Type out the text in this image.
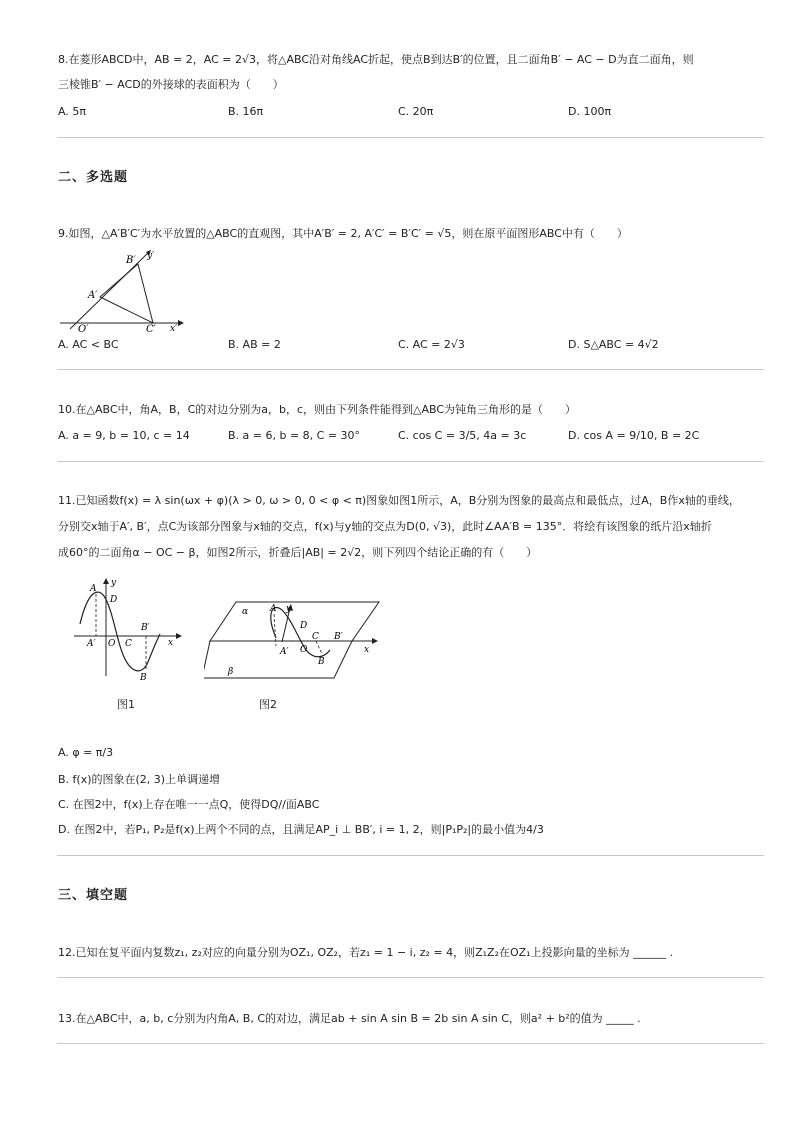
8.在菱形ABCD中，AB = 2，AC = 2√3，将△ABC沿对角线AC折起，使点B到达B′的位置，且二面角B′ − AC − D为直二面角，则
三棱锥B′ − ACD的外接球的表面积为（　　）
A. 5π	B. 16π	C. 20π	D. 100π
二、多选题
9.如图，△A′B′C′为水平放置的△ABC的直观图，其中A′B′ = 2, A′C′ = B′C′ = √5，则在原平面图形ABC中有（　　）
B′ y′
A′
O′	C′ x′
A. AC < BC	B. AB = 2	C. AC = 2√3	D. S△ABC = 4√2
10.在△ABC中，角A，B，C的对边分别为a，b，c，则由下列条件能得到△ABC为钝角三角形的是（　　）
A. a = 9, b = 10, c = 14	B. a = 6, b = 8, C = 30°	C. cos C = 3/5, 4a = 3c	D. cos A = 9/10, B = 2C
11.已知函数f(x) = λ sin(ωx + φ)(λ > 0, ω > 0, 0 < φ < π)图象如图1所示，A，B分别为图象的最高点和最低点，过A，B作x轴的垂线，
分别交x轴于A′, B′，点C为该部分图象与x轴的交点，f(x)与y轴的交点为D(0, √3)，此时∠AA′B = 135°．将绘有该图象的纸片沿x轴折
成60°的二面角α − OC − β，如图2所示，折叠后|AB| = 2√2，则下列四个结论正确的有（　　）
A
y
D
A′ O C
B′
x
B
图1
α
β
A y
D
A′ O
C B′
x
B
图2
A. φ = π/3
B. f(x)的图象在(2, 3)上单调递增
C. 在图2中，f(x)上存在唯一一点Q，使得DQ//面ABC
D. 在图2中，若P₁, P₂是f(x)上两个不同的点，且满足AP_i ⊥ BB′, i = 1, 2，则|P₁P₂|的最小值为4/3
三、填空题
12.已知在复平面内复数z₁, z₂对应的向量分别为OZ₁, OZ₂，若z₁ = 1 − i, z₂ = 4，则Z₁Z₂在OZ₁上投影向量的坐标为 ______ .
13.在△ABC中，a, b, c分别为内角A, B, C的对边，满足ab + sin A sin B = 2b sin A sin C，则a² + b²的值为 _____ .
